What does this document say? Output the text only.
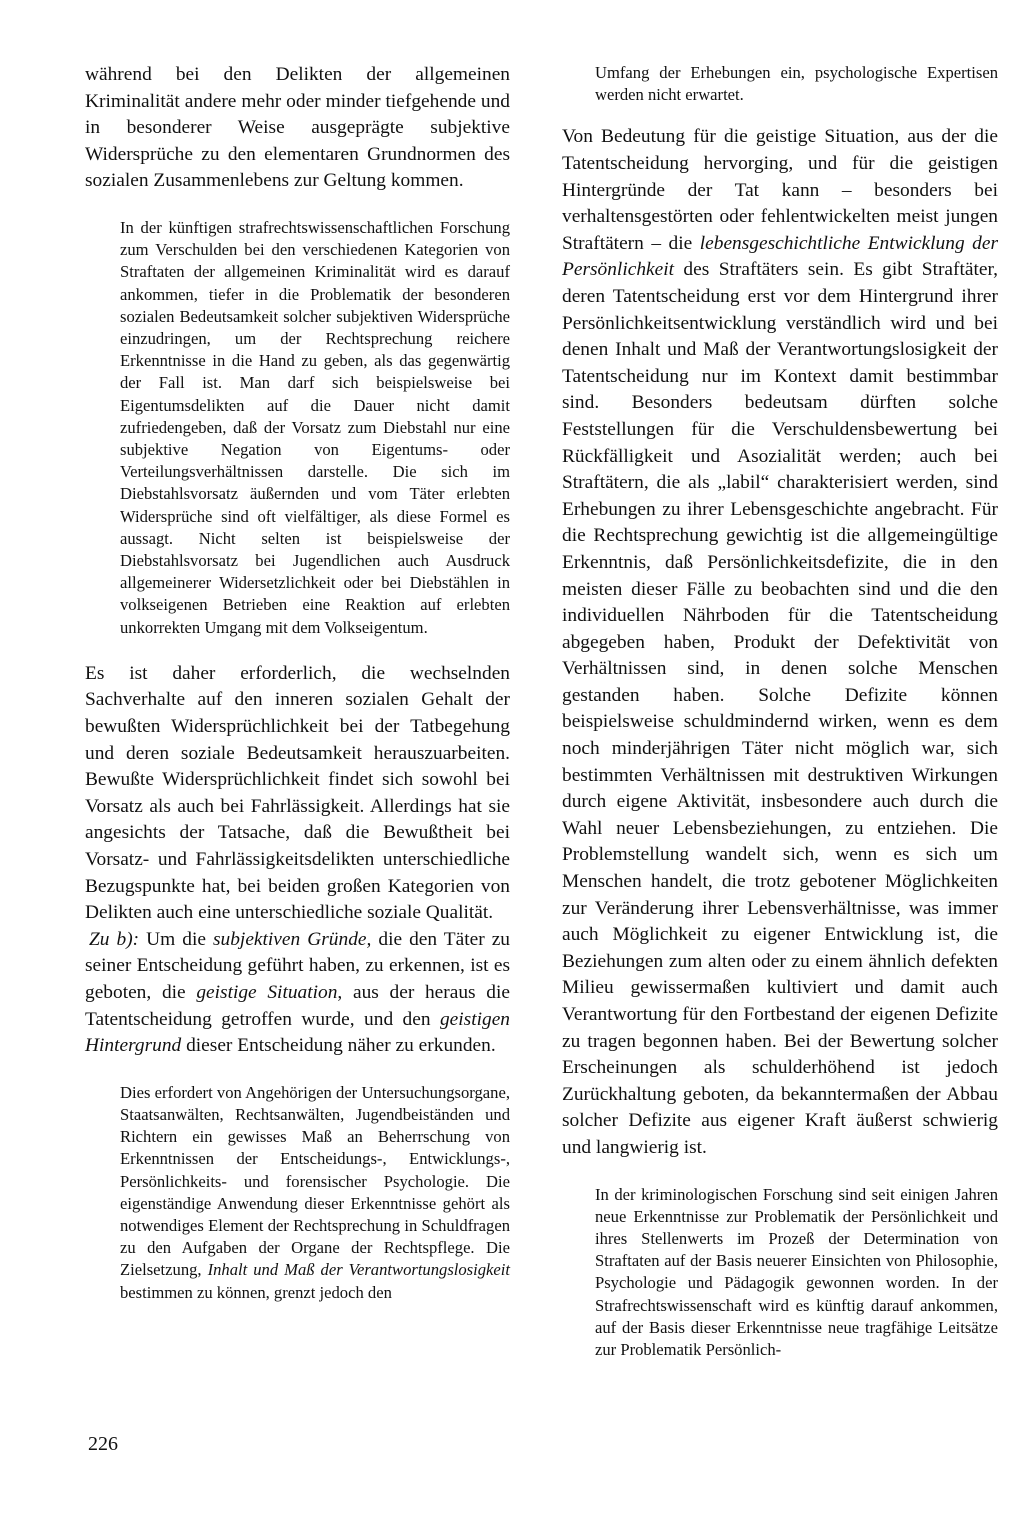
während bei den Delikten der allgemeinen Kriminalität andere mehr oder minder tiefgehende und in besonderer Weise ausgeprägte subjektive Widersprüche zu den elementaren Grundnormen des sozialen Zusammenlebens zur Geltung kommen.

In der künftigen strafrechtswissenschaftlichen Forschung zum Verschulden bei den verschiedenen Kategorien von Straftaten der allgemeinen Kriminalität wird es darauf ankommen, tiefer in die Problematik der besonderen sozialen Bedeutsamkeit solcher subjektiven Widersprüche einzudringen, um der Rechtsprechung reichere Erkenntnisse in die Hand zu geben, als das gegenwärtig der Fall ist. Man darf sich beispielsweise bei Eigentumsdelikten auf die Dauer nicht damit zufriedengeben, daß der Vorsatz zum Diebstahl nur eine subjektive Negation von Eigentums- oder Verteilungsverhältnissen darstelle. Die sich im Diebstahlsvorsatz äußernden und vom Täter erlebten Widersprüche sind oft vielfältiger, als diese Formel es aussagt. Nicht selten ist beispielsweise der Diebstahlsvorsatz bei Jugendlichen auch Ausdruck allgemeinerer Widersetzlichkeit oder bei Diebstählen in volkseigenen Betrieben eine Reaktion auf erlebten unkorrekten Umgang mit dem Volkseigentum.

Es ist daher erforderlich, die wechselnden Sachverhalte auf den inneren sozialen Gehalt der bewußten Widersprüchlichkeit bei der Tatbegehung und deren soziale Bedeutsamkeit herauszuarbeiten. Bewußte Widersprüchlichkeit findet sich sowohl bei Vorsatz als auch bei Fahrlässigkeit. Allerdings hat sie angesichts der Tatsache, daß die Bewußtheit bei Vorsatz- und Fahrlässigkeitsdelikten unterschiedliche Bezugspunkte hat, bei beiden großen Kategorien von Delikten auch eine unterschiedliche soziale Qualität.

Zu b): Um die subjektiven Gründe, die den Täter zu seiner Entscheidung geführt haben, zu erkennen, ist es geboten, die geistige Situation, aus der heraus die Tatentscheidung getroffen wurde, und den geistigen Hintergrund dieser Entscheidung näher zu erkunden.

Dies erfordert von Angehörigen der Untersuchungsorgane, Staatsanwälten, Rechtsanwälten, Jugendbeiständen und Richtern ein gewisses Maß an Beherrschung von Erkenntnissen der Entscheidungs-, Entwicklungs-, Persönlichkeits- und forensischer Psychologie. Die eigenständige Anwendung dieser Erkenntnisse gehört als notwendiges Element der Rechtsprechung in Schuldfragen zu den Aufgaben der Organe der Rechtspflege. Die Zielsetzung, Inhalt und Maß der Verantwortungslosigkeit bestimmen zu können, grenzt jedoch den

Umfang der Erhebungen ein, psychologische Expertisen werden nicht erwartet.

Von Bedeutung für die geistige Situation, aus der die Tatentscheidung hervorging, und für die geistigen Hintergründe der Tat kann – besonders bei verhaltensgestörten oder fehlentwickelten meist jungen Straftätern – die lebensgeschichtliche Entwicklung der Persönlichkeit des Straftäters sein. Es gibt Straftäter, deren Tatentscheidung erst vor dem Hintergrund ihrer Persönlichkeitsentwicklung verständlich wird und bei denen Inhalt und Maß der Verantwortungslosigkeit der Tatentscheidung nur im Kontext damit bestimmbar sind. Besonders bedeutsam dürften solche Feststellungen für die Verschuldensbewertung bei Rückfälligkeit und Asozialität werden; auch bei Straftätern, die als „labil“ charakterisiert werden, sind Erhebungen zu ihrer Lebensgeschichte angebracht. Für die Rechtsprechung gewichtig ist die allgemeingültige Erkenntnis, daß Persönlichkeitsdefizite, die in den meisten dieser Fälle zu beobachten sind und die den individuellen Nährboden für die Tatentscheidung abgegeben haben, Produkt der Defektivität von Verhältnissen sind, in denen solche Menschen gestanden haben. Solche Defizite können beispielsweise schuldmindernd wirken, wenn es dem noch minderjährigen Täter nicht möglich war, sich bestimmten Verhältnissen mit destruktiven Wirkungen durch eigene Aktivität, insbesondere auch durch die Wahl neuer Lebensbeziehungen, zu entziehen. Die Problemstellung wandelt sich, wenn es sich um Menschen handelt, die trotz gebotener Möglichkeiten zur Veränderung ihrer Lebensverhältnisse, was immer auch Möglichkeit zu eigener Entwicklung ist, die Beziehungen zum alten oder zu einem ähnlich defekten Milieu gewissermaßen kultiviert und damit auch Verantwortung für den Fortbestand der eigenen Defizite zu tragen begonnen haben. Bei der Bewertung solcher Erscheinungen als schulderhöhend ist jedoch Zurückhaltung geboten, da bekanntermaßen der Abbau solcher Defizite aus eigener Kraft äußerst schwierig und langwierig ist.

In der kriminologischen Forschung sind seit einigen Jahren neue Erkenntnisse zur Problematik der Persönlichkeit und ihres Stellenwerts im Prozeß der Determination von Straftaten auf der Basis neuerer Einsichten von Philosophie, Psychologie und Pädagogik gewonnen worden. In der Strafrechtswissenschaft wird es künftig darauf ankommen, auf der Basis dieser Erkenntnisse neue tragfähige Leitsätze zur Problematik Persönlich-

226
